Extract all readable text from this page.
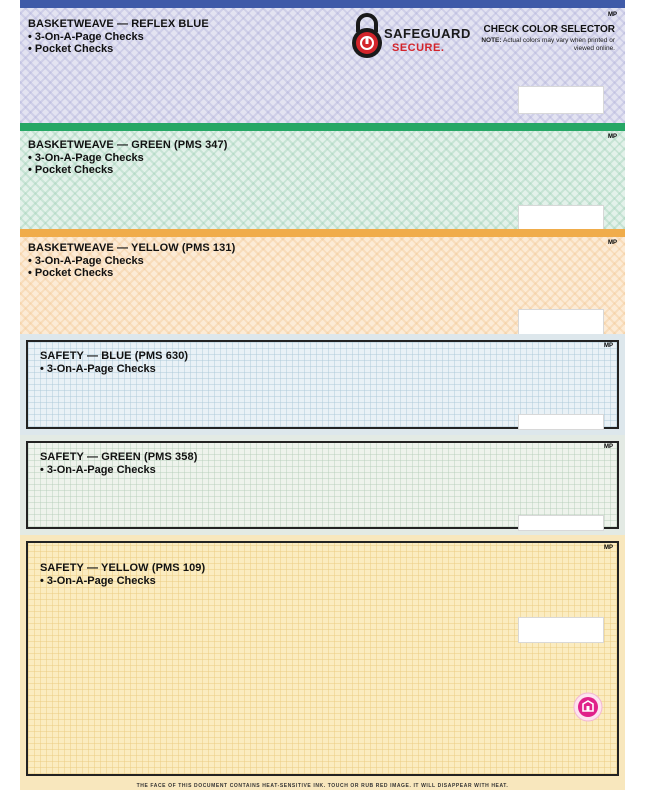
BASKETWEAVE — REFLEX BLUE
• 3-On-A-Page Checks
• Pocket Checks
SAFEGUARD
SECURE.
CHECK COLOR SELECTOR
NOTE: Actual colors may vary when printed or viewed online.
MP
BASKETWEAVE — GREEN (PMS 347)
• 3-On-A-Page Checks
• Pocket Checks
MP
BASKETWEAVE — YELLOW (PMS 131)
• 3-On-A-Page Checks
• Pocket Checks
MP
SAFETY — BLUE (PMS 630)
• 3-On-A-Page Checks
MP
SAFETY — GREEN (PMS 358)
• 3-On-A-Page Checks
MP
SAFETY — YELLOW (PMS 109)
• 3-On-A-Page Checks
MP
THE FACE OF THIS DOCUMENT CONTAINS HEAT-SENSITIVE INK. TOUCH OR RUB RED IMAGE. IT WILL DISAPPEAR WITH HEAT.
